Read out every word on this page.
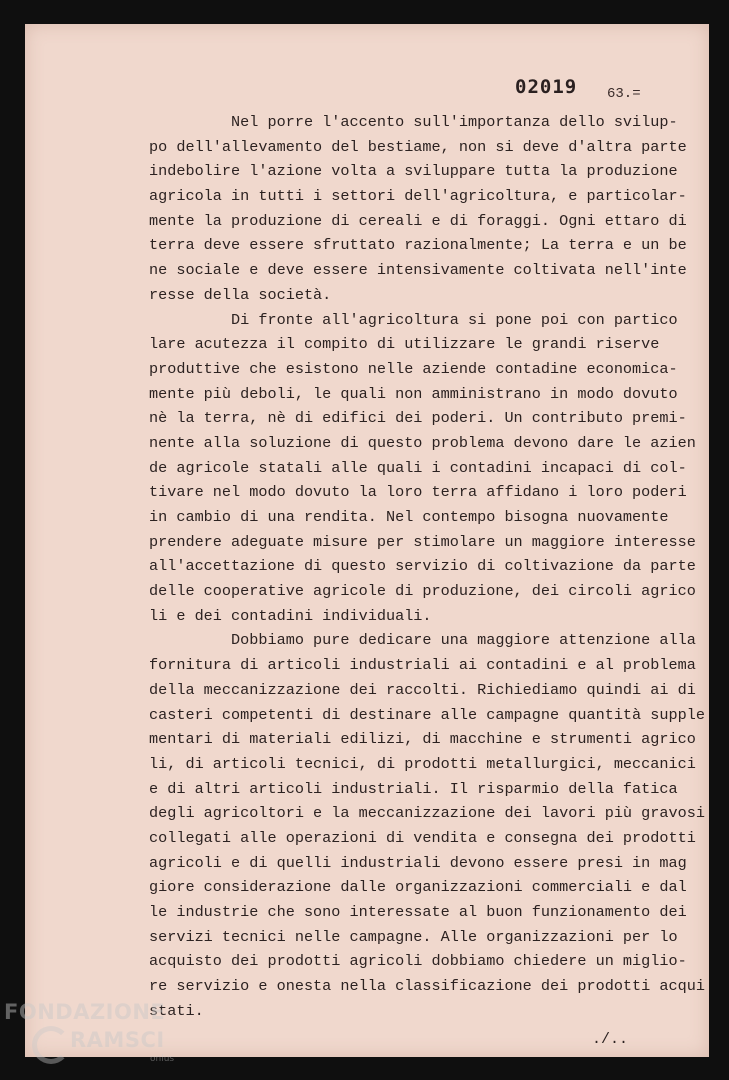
02019 63.=
Nel porre l'accento sull'importanza dello svilup-
po dell'allevamento del bestiame, non si deve d'altra parte
indebolire l'azione volta a sviluppare tutta la produzione
agricola in tutti i settori dell'agricoltura, e particolar-
mente la produzione di cereali e di foraggi. Ogni ettaro di
terra deve essere sfruttato razionalmente; La terra e un be
ne sociale e deve essere intensivamente coltivata nell'inte
resse della società.
Di fronte all'agricoltura si pone poi con partico
lare acutezza il compito di utilizzare le grandi riserve
produttive che esistono nelle aziende contadine economica-
mente più deboli, le quali non amministrano in modo dovuto
nè la terra, nè di edifici dei poderi. Un contributo premi-
nente alla soluzione di questo problema devono dare le azien
de agricole statali alle quali i contadini incapaci di col-
tivare nel modo dovuto la loro terra affidano i loro poderi
in cambio di una rendita. Nel contempo bisogna nuovamente
prendere adeguate misure per stimolare un maggiore interesse
all'accettazione di questo servizio di coltivazione da parte
delle cooperative agricole di produzione, dei circoli agrico
li e dei contadini individuali.
Dobbiamo pure dedicare una maggiore attenzione alla
fornitura di articoli industriali ai contadini e al problema
della meccanizzazione dei raccolti. Richiediamo quindi ai di
casteri competenti di destinare alle campagne quantità supple
mentari di materiali edilizi, di macchine e strumenti agrico
li, di articoli tecnici, di prodotti metallurgici, meccanici
e di altri articoli industriali. Il risparmio della fatica
degli agricoltori e la meccanizzazione dei lavori più gravosi
collegati alle operazioni di vendita e consegna dei prodotti
agricoli e di quelli industriali devono essere presi in mag
giore considerazione dalle organizzazioni commerciali e dal
le industrie che sono interessate al buon funzionamento dei
servizi tecnici nelle campagne. Alle organizzazioni per lo
acquisto dei prodotti agricoli dobbiamo chiedere un miglio-
re servizio e onesta nella classificazione dei prodotti acqui
stati.
./..
FONDAZIONE
RAMSCI
onlus
